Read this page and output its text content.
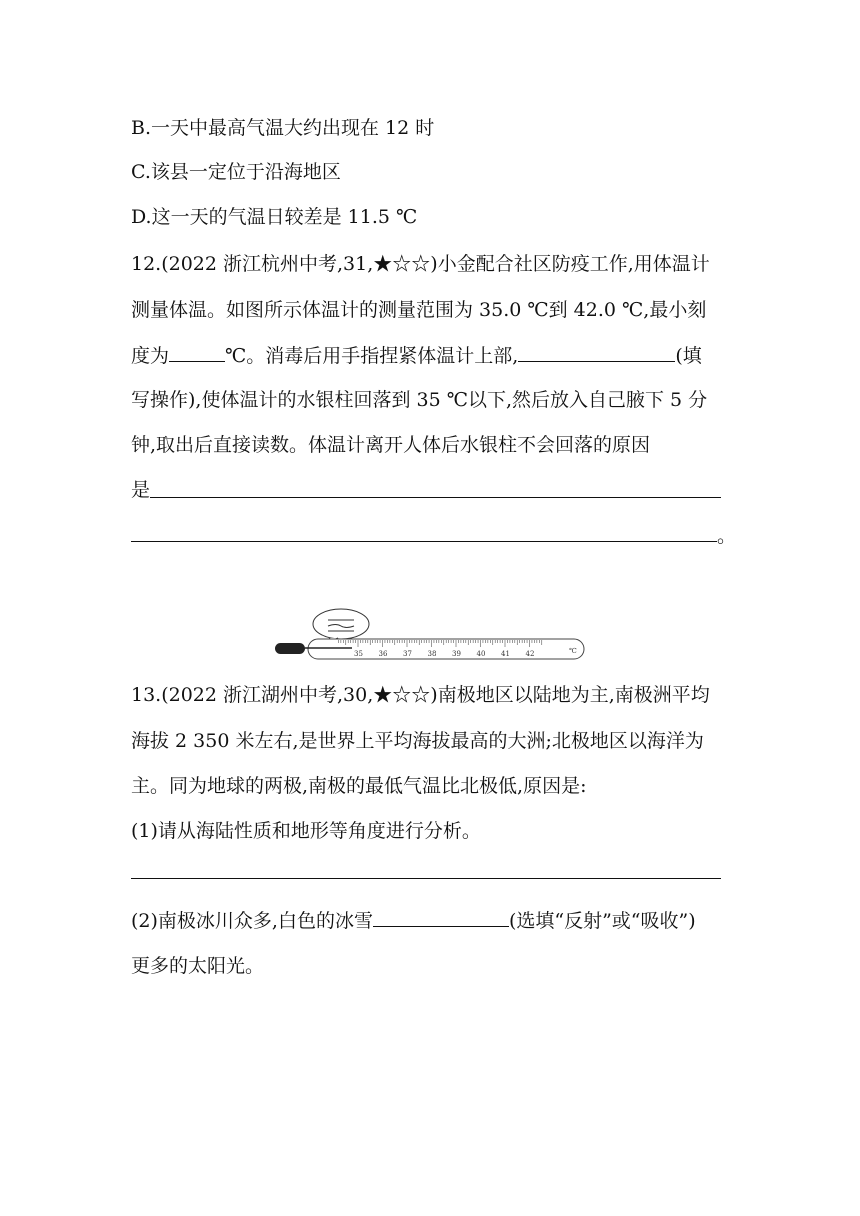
B.一天中最高气温大约出现在 12 时
C.该县一定位于沿海地区
D.这一天的气温日较差是 11.5 ℃
12.(2022 浙江杭州中考,31,★☆☆)小金配合社区防疫工作,用体温计
测量体温。如图所示体温计的测量范围为 35.0 ℃到 42.0 ℃,最小刻
度为	℃。消毒后用手指捏紧体温计上部,	(填
写操作),使体温计的水银柱回落到 35 ℃以下,然后放入自己腋下 5 分
钟,取出后直接读数。体温计离开人体后水银柱不会回落的原因
是
。
35 36 37 38 39 40 41 42	℃
13.(2022 浙江湖州中考,30,★☆☆)南极地区以陆地为主,南极洲平均
海拔 2 350 米左右,是世界上平均海拔最高的大洲;北极地区以海洋为
主。同为地球的两极,南极的最低气温比北极低,原因是:
(1)请从海陆性质和地形等角度进行分析。
(2)南极冰川众多,白色的冰雪	(选填“反射”或“吸收”)
更多的太阳光。
